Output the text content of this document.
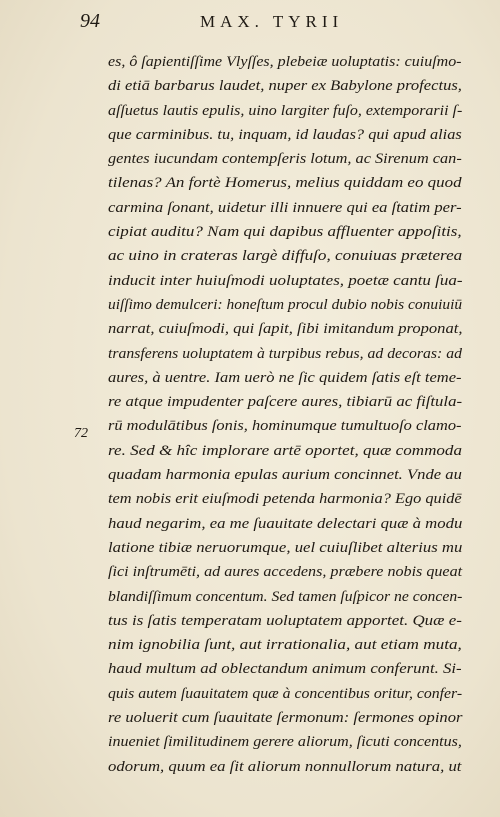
94	MAX. TYRII
72
es, ô ſapientiſſime Vlyſſes, plebeiæ uoluptatis: cuiuſmo-
di etiā barbarus laudet, nuper ex Babylone profectus,
aſſuetus lautis epulis, uino largiter fuſo, extemporarii ſ-
que carminibus. tu, inquam, id laudas? qui apud alias
gentes iucundam contempſeris lotum, ac Sirenum can-
tilenas? An fortè Homerus, melius quiddam eo quod
carmina ſonant, uidetur illi innuere qui ea ſtatim per-
cipiat auditu? Nam qui dapibus affluenter appoſitis,
ac uino in crateras largè diffuſo, conuiuas præterea
inducit inter huiuſmodi uoluptates, poetæ cantu ſua-
uiſſimo demulceri: honeſtum procul dubio nobis conuiuiū
narrat, cuiuſmodi, qui ſapit, ſibi imitandum proponat,
transferens uoluptatem à turpibus rebus, ad decoras: ad
aures, à uentre. Iam uerò ne ſic quidem ſatis eſt teme-
re atque impudenter paſcere aures, tibiarū ac fiſtula-
rū modulātibus ſonis, hominumque tumultuoſo clamo-
re. Sed & hîc implorare artē oportet, quæ commoda
quadam harmonia epulas aurium concinnet. Vnde au
tem nobis erit eiuſmodi petenda harmonia? Ego quidē
haud negarim, ea me ſuauitate delectari quæ à modu
latione tibiæ neruorumque, uel cuiuſlibet alterius mu
ſici inſtrumēti, ad aures accedens, præbere nobis queat
blandiſſimum concentum. Sed tamen ſuſpicor ne concen-
tus is ſatis temperatam uoluptatem apportet. Quæ e-
nim ignobilia ſunt, aut irrationalia, aut etiam muta,
haud multum ad oblectandum animum conferunt. Si-
quis autem ſuauitatem quæ à concentibus oritur, confer-
re uoluerit cum ſuauitate ſermonum: ſermones opinor
inueniet ſimilitudinem gerere aliorum, ſicuti concentus,
odorum, quum ea ſit aliorum nonnullorum natura, ut
